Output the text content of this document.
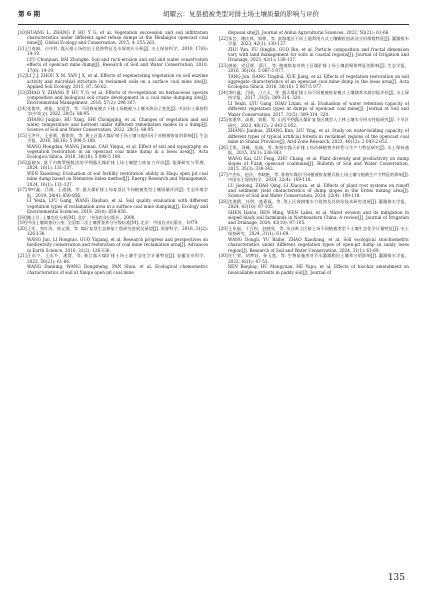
第 6 期	胡耀云：复垦植被类型对排土场土壤质量的影响与评价

[10]HUANG L, ZHANG P, HU Y G, et al. Vegetation succession and soil infiltration characteristics under different aged refuse dumps at the Heidaigou opencast coal mine[J]. Global Ecology and Conservation, 2015, 4: 255-263.

[11]吕春娟，白中科. 露天排土场的岩土侵蚀特征及水保效应分析[J]. 水土保持科学，2010, 17(6): 14-19.

LYU Chunjuan, BAI Zhongke. Soil and rock erosion and soil and water conservation effects of opencast mine dump[J]. Research of Soil and Water Conservation, 2010, 17(6): 14-19.

[12]LI J J, ZHOU X M, YAN J X, et al. Effects of regenerating vegetation on soil enzyme activity and microbial structure in reclaimed soils on a surface coal mine site[J]. Applied Soil Ecology, 2015, 87: 56-62.

[13]ZHAO Y, ZHANG P, HU Y G, et al. Effects of re-vegetation on herbaceous species composition and biological soil crusts development in a coal mine dumping site[J]. Environmental Management, 2016, 57(2): 298-307.

[14]张俊华，胡振，安爱青，等. 不同修复模式下排土场植被与土壤水热因子变化[J]. 中国水土保持科学(中英文), 2022, 20(5): 88-95.

ZHANG Junjiao, HU Yang, SHI Chongqing, et al. Changes of vegetation and soil water, temperature and nutrient under different remediation modes in a dump[J]. Science of Soil and Water Conservation, 2022, 20(5): 88-95.

[15]王洪丹，王金满，曹银贵，等. 黄土区露天煤矿排土场土壤与地形因子对植被恢复的影响[J]. 生态学报，2016, 36(16): 5 098-5 108.

WANG Hongdan, WANG Jinman, CAO Yingui, et al. Effect of soil and topography on vegetation restoration in an opencast coal mine dump in a loess area[J]. Acta Ecologica Sinica, 2016, 36(16): 5 098-5 108.

[16]温晓东. 基于内梅罗指数法的平朔露天煤矿排土场土壤肥力恢复力评价[J]. 能源研究与管理，2024, 16(1): 131-137.

WEN Xiaodong. Evaluation of soil fertility restoration ability in Haqu open pit coal mine dump based on Nemerow index method[J]. Energy Research and Management, 2024, 16(1): 131-137.

[17]李叶鑫，吕刚，王道涵，等. 露天煤矿排土场复垦区不同植被类型土壤质量评价[J]. 生态环境学报，2019, 28(4): 850-856.

LI Yexin, LYU Gang, WANG Daohan, et al. Soil quality evaluation with different vegetation types of reclamation area in a surface coal mine dumping[J]. Ecology and Environmental Sciences, 2019, 28(4): 850-856.

[18]鲍士旦. 土壤农化分析[M]. 北京：中国农业出版社，2000.

[19]中国土壤调查办公室. 全国第二次土壤普查养分分级标准[M]. 北京：中国农业出版社，1979.

[20]王军，李红涛，郭义强，等. 煤矿复垦生态修复工程研究进展及展望[J]. 资源科学，2016, 31(2): 126-136.

WANG Jun, LI Hongtao, GUO Yiqiang, et al. Research progress and perspectives on biodiversity conservation and restoration of coal mine reclamation area[J]. Advances in Earth Science, 2016, 31(2): 126-136.

[21]汪东宁，王东升，潘慧，等. 新巨露天煤矿排土场土壤生态化学计量特征[J]. 安徽农业科学，2022, 50(21): 61-66.

WANG Danning, WANG Dongsheng, PAN Shun, et al. Ecological chemometric characteristics of soil at Xinqiu open pit coal mine

disposal site[J]. Journal of Anhui Agricultural Sciences, 2022, 50(21): 61-66.

[22]朱芸，傅庆林，郭彬，等. 滨海地区不同土地利用方式土壤颗粒组成及分形维数特征[J]. 灌溉排水学报，2023, 42(1): 130-137.

ZHU Yun, FU Qinglin, GUO Bin, et al. Particle composition and fractal dimension vary with land management for soils in coastal regions[J]. Journal of Irrigation and Drainage, 2023, 42(1): 130-137.

[23]唐骏，党廷辉，薛江，等. 植被恢复对黄土区煤矿排土场土壤团聚体特征的影响[J]. 生态学报，2016, 36(16): 5 067-5 077.

TANG Jun, DANG Tinghui, XUE Jiang, et al. Effects of vegetation restoration on soil aggregate characteristics of an opencast coal mine dump in the loess area[J]. Acta Ecologica Sinica, 2016, 36(16): 5 067-5 077.

[24]李叶鑫，吕刚，刁立天，等. 露天煤矿排土场不同植被恢复模式土壤涵养水源功能评价[J]. 水土保持学报，2017, 31(5): 309-314, 320.

LI Yexin, LYU Gang, DIAO Litian, et al. Evaluation of water retention capacity of different vegetation types at dumps of opencast coal mine[J]. Journal of Soil and Water Conservation, 2017, 31(5): 309-314, 320.

[25]张建华，高雅，刘莉，等. 山西平朔露天煤矿复垦区典型人工林土壤水分持水性能研究[J]. 干旱区研究，2023, 40(12): 2 043-2 052.

ZHANG Jianhua, ZHANG Kun, LIU Ying, et al. Study on water-holding capacity of different types of typical artificial forests in reclaimed regions of the opencast coal mine in Shanxi Province[J]. Arid Zone Research, 2023, 40(12): 2 043-2 052.

[26]王凯，刘峰，张瑞，等. 准格尔露天矿排土场沙棘植物多样性与生产力特征研究[J]. 水土保持通报，2015, 35(3): 338-343.

WANG Kai, LIU Feng, ZHU Chang, et al. Plant diversity and productivity on dump slopes of Fuxin opencast coalmines[J]. Bulletin of Soil and Water Conservation, 2015, 35(3): 338-343.

[27]卢杰东，赵庆，李晓艳，等. 准格尔煤田不同植被恢复模式排土场土壤与植被生产力特征的影响[J]. 中国水土保持科学，2024, 22(4): 109-118.

LU Jiedong, ZHAO Qing, LI Xiaoyan, et al. Effects of plant root systems on runoff and sediment yield characteristics of dump slopes in the Erdos mining area[J]. Science of Soil and Water Conservation, 2024, 22(4): 109-118.

[28]沈海鸥，任明，盛嘉磊，等. 黑土区坡耕地水力侵蚀及其防治技术研究进展[J]. 灌溉排水学报，2024, 43(10): 97-105.

SHEN Haiou, REN Ming, WEN Lailei, et al. Water erosion and its mitigation in sloped black soil farmlands in Northeastern China: A review[J]. Journal of Irrigation and Drainage, 2024, 43(10): 97-105.

[29]王东丽，于百和，赵晓亮，等. 风沙黄土区排土场不同植被类型下土壤生态化学计量特征[J]. 水土保持研究，2024, 31(1): 61-69.

WANG Dongli, YU Baihe, ZHAO Xiaoliang, et al. Soil ecological stoichiometric characteristics under different vegetation types of open-pit dump in sandy loess region[J]. Research of Soil and Water Conservation, 2024, 31(1): 61-69.

[30]任仁荣，胡梦钰，孙玉莲，等. 生物炭施用对节水灌溉稻田土壤养分的影响[J]. 灌溉排水学报，2023, 42(1): 47-53.

REN Renjing, HU Mengyuan, HE Yupu, et al. Effects of biochar amendment on bioavailable nutrients in paddy soil[J]. Journal of

135
